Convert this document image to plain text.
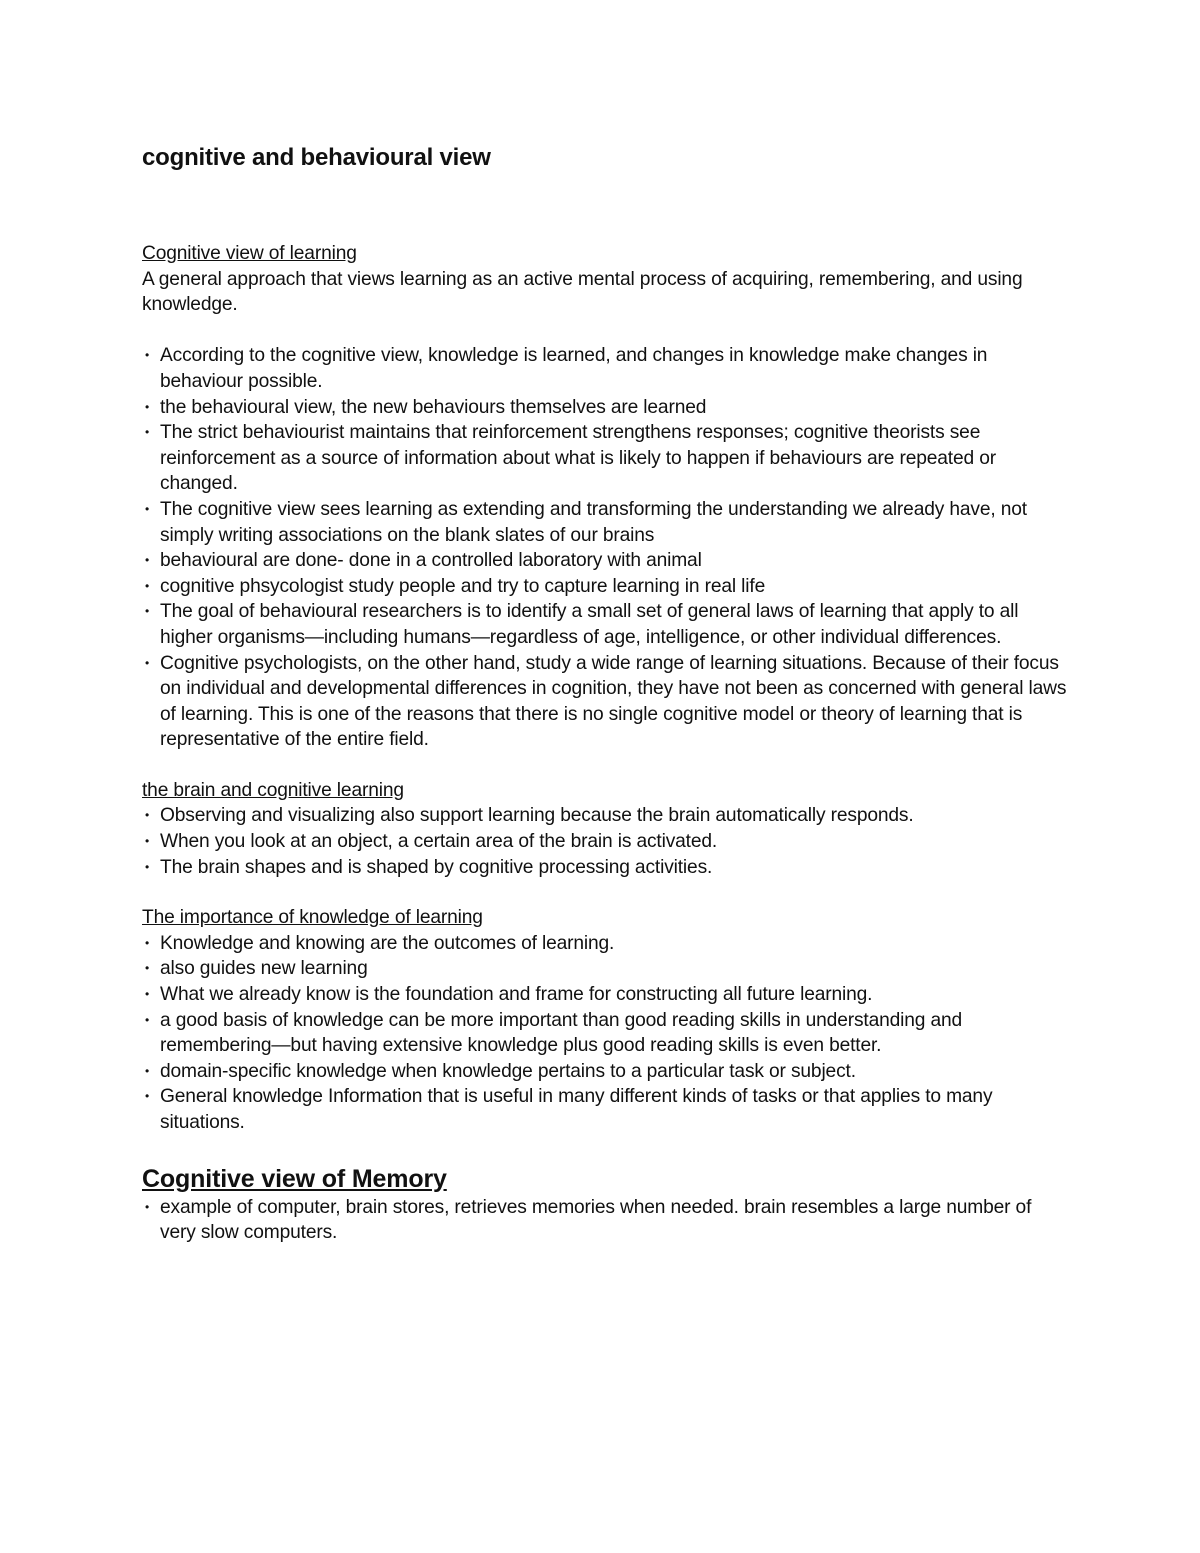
cognitive and behavioural view
Cognitive view of learning

A general approach that views learning as an active mental process of acquiring, remembering, and using knowledge.

• According to the cognitive view, knowledge is learned, and changes in knowledge make changes in behaviour possible.
• the behavioural view, the new behaviours themselves are learned
• The strict behaviourist maintains that reinforcement strengthens responses; cognitive theorists see reinforcement as a source of information about what is likely to happen if behaviours are repeated or changed.
• The cognitive view sees learning as extending and transforming the understanding we already have, not simply writing associations on the blank slates of our brains
• behavioural are done- done in a controlled laboratory with animal
• cognitive phsycologist study people and try to capture learning in real life
• The goal of behavioural researchers is to identify a small set of general laws of learning that apply to all higher organisms—including humans—regardless of age, intelligence, or other individual differences.
• Cognitive psychologists, on the other hand, study a wide range of learning situations. Because of their focus on individual and developmental differences in cognition, they have not been as concerned with general laws of learning. This is one of the reasons that there is no single cognitive model or theory of learning that is representative of the entire field.
the brain and cognitive learning
• Observing and visualizing also support learning because the brain automatically responds.
• When you look at an object, a certain area of the brain is activated.
• The brain shapes and is shaped by cognitive processing activities.
The importance of knowledge of learning
• Knowledge and knowing are the outcomes of learning.
• also guides new learning
• What we already know is the foundation and frame for constructing all future learning.
• a good basis of knowledge can be more important than good reading skills in understanding and remembering—but having extensive knowledge plus good reading skills is even better.
• domain-specific knowledge when knowledge pertains to a particular task or subject.
• General knowledge Information that is useful in many different kinds of tasks or that applies to many situations.
Cognitive view of Memory
• example of computer, brain stores, retrieves memories when needed. brain resembles a large number of very slow computers.
